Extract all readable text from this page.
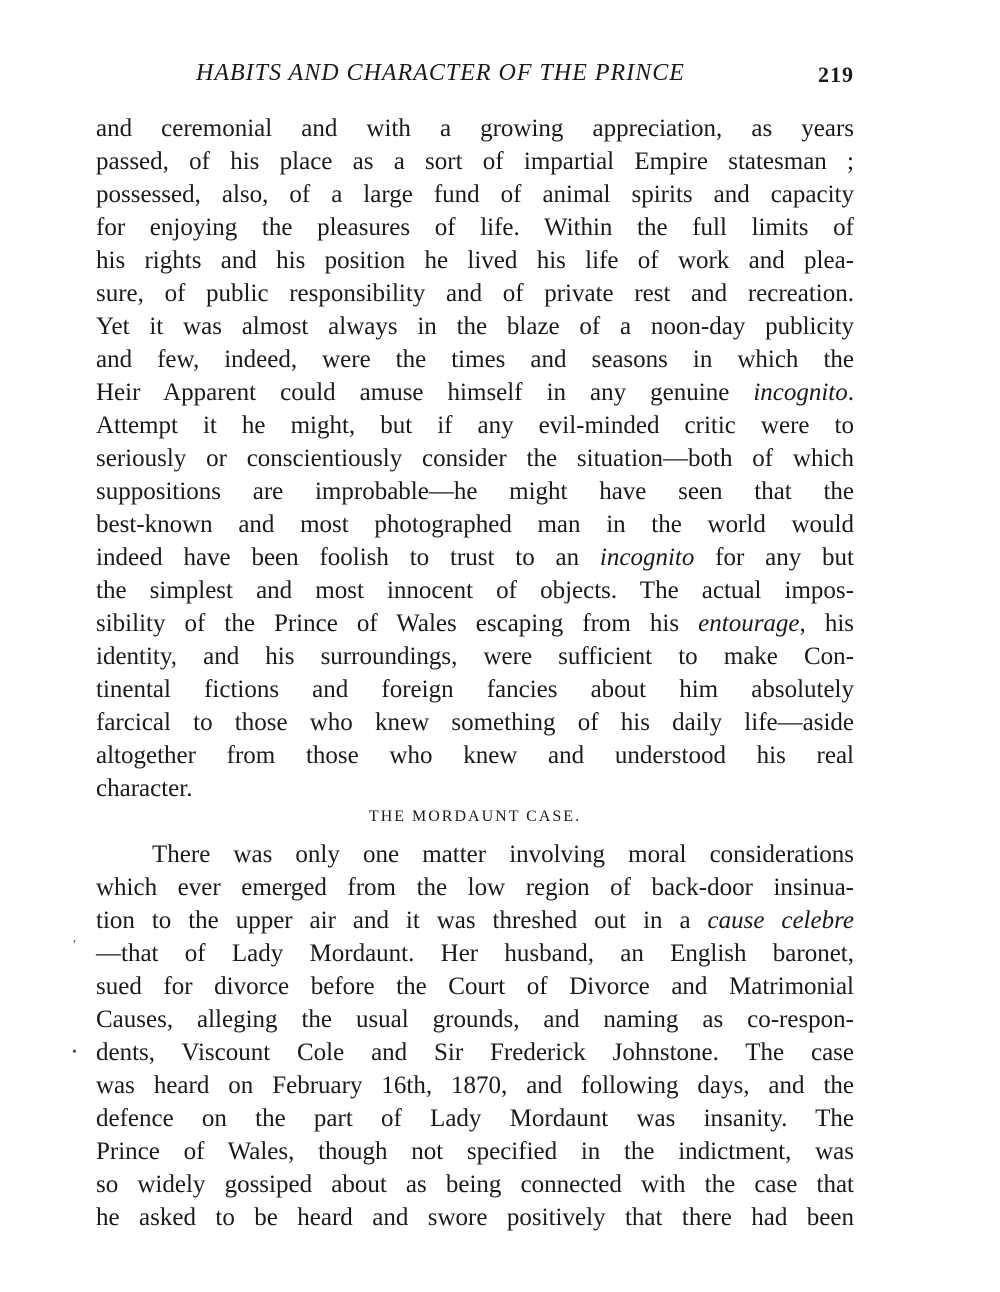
HABITS AND CHARACTER OF THE PRINCE	219
and ceremonial and with a growing appreciation, as years
passed, of his place as a sort of impartial Empire statesman ;
possessed, also, of a large fund of animal spirits and capacity
for enjoying the pleasures of life. Within the full limits of
his rights and his position he lived his life of work and plea-
sure, of public responsibility and of private rest and recreation.
Yet it was almost always in the blaze of a noon-day publicity
and few, indeed, were the times and seasons in which the
Heir Apparent could amuse himself in any genuine incognito.
Attempt it he might, but if any evil-minded critic were to
seriously or conscientiously consider the situation—both of which
suppositions are improbable—he might have seen that the
best-known and most photographed man in the world would
indeed have been foolish to trust to an incognito for any but
the simplest and most innocent of objects. The actual impos-
sibility of the Prince of Wales escaping from his entourage, his
identity, and his surroundings, were sufficient to make Con-
tinental fictions and foreign fancies about him absolutely
farcical to those who knew something of his daily life—aside
altogether from those who knew and understood his real
character.
THE MORDAUNT CASE.
There was only one matter involving moral considerations
which ever emerged from the low region of back-door insinua-
tion to the upper air and it was threshed out in a cause celebre
—that of Lady Mordaunt. Her husband, an English baronet,
sued for divorce before the Court of Divorce and Matrimonial
Causes, alleging the usual grounds, and naming as co-respon-
dents, Viscount Cole and Sir Frederick Johnstone. The case
was heard on February 16th, 1870, and following days, and the
defence on the part of Lady Mordaunt was insanity. The
Prince of Wales, though not specified in the indictment, was
so widely gossiped about as being connected with the case that
he asked to be heard and swore positively that there had been
’
•
